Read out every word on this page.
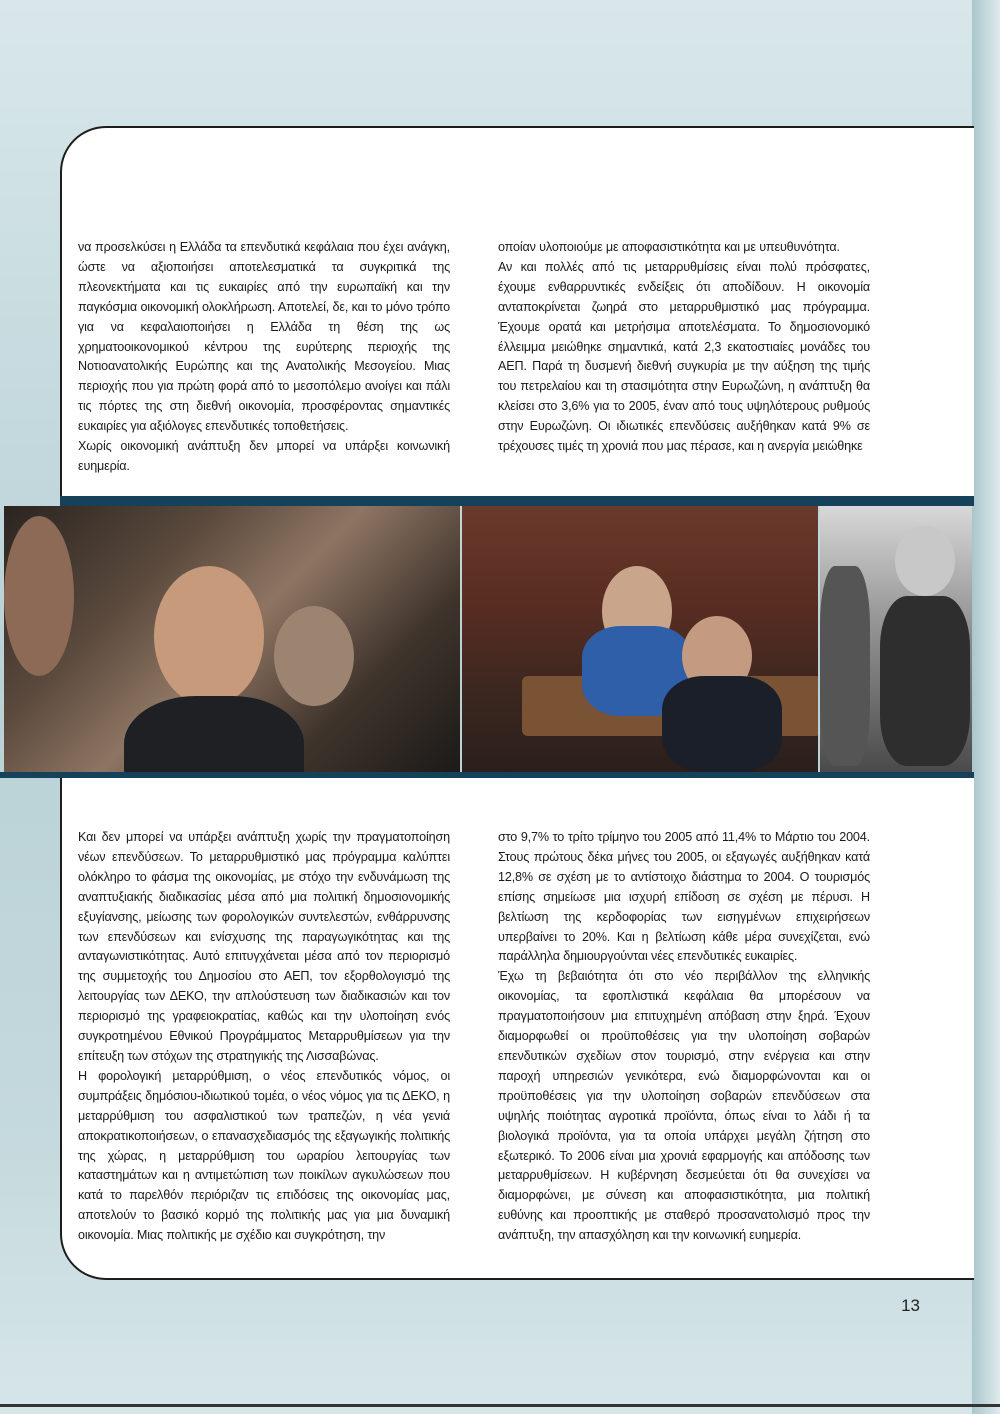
να προσελκύσει η Ελλάδα τα επενδυτικά κεφάλαια που έχει ανάγκη, ώστε να αξιοποιήσει αποτελεσματικά τα συγκριτικά της πλεονεκτήματα και τις ευκαιρίες από την ευρωπαϊκή και την παγκόσμια οικονομική ολοκλήρωση. Αποτελεί, δε, και το μόνο τρόπο για να κεφαλαιοποιήσει η Ελλάδα τη θέση της ως χρηματοοικονομικού κέντρου της ευρύτερης περιοχής της Νοτιοανατολικής Ευρώπης και της Ανατολικής Μεσογείου. Μιας περιοχής που για πρώτη φορά από το μεσοπόλεμο ανοίγει και πάλι τις πόρτες της στη διεθνή οικονομία, προσφέροντας σημαντικές ευκαιρίες για αξιόλογες επενδυτικές τοποθετήσεις.

Χωρίς οικονομική ανάπτυξη δεν μπορεί να υπάρξει κοινωνική ευημερία.

οποίαν υλοποιούμε με αποφασιστικότητα και με υπευθυνότητα.

Αν και πολλές από τις μεταρρυθμίσεις είναι πολύ πρόσφατες, έχουμε ενθαρρυντικές ενδείξεις ότι αποδίδουν. Η οικονομία ανταποκρίνεται ζωηρά στο μεταρρυθμιστικό μας πρόγραμμα. Έχουμε ορατά και μετρήσιμα αποτελέσματα. Το δημοσιονομικό έλλειμμα μειώθηκε σημαντικά, κατά 2,3 εκατοστιαίες μονάδες του ΑΕΠ. Παρά τη δυσμενή διεθνή συγκυρία με την αύξηση της τιμής του πετρελαίου και τη στασιμότητα στην Ευρωζώνη, η ανάπτυξη θα κλείσει στο 3,6% για το 2005, έναν από τους υψηλότερους ρυθμούς στην Ευρωζώνη. Οι ιδιωτικές επενδύσεις αυξήθηκαν κατά 9% σε τρέχουσες τιμές τη χρονιά που μας πέρασε, και η ανεργία μειώθηκε

Και δεν μπορεί να υπάρξει ανάπτυξη χωρίς την πραγματοποίηση νέων επενδύσεων. Το μεταρρυθμιστικό μας πρόγραμμα καλύπτει ολόκληρο το φάσμα της οικονομίας, με στόχο την ενδυνάμωση της αναπτυξιακής διαδικασίας μέσα από μια πολιτική δημοσιονομικής εξυγίανσης, μείωσης των φορολογικών συντελεστών, ενθάρρυνσης των επενδύσεων και ενίσχυσης της παραγωγικότητας και της ανταγωνιστικότητας. Αυτό επιτυγχάνεται μέσα από τον περιορισμό της συμμετοχής του Δημοσίου στο ΑΕΠ, τον εξορθολογισμό της λειτουργίας των ΔΕΚΟ, την απλούστευση των διαδικασιών και τον περιορισμό της γραφειοκρατίας, καθώς και την υλοποίηση ενός συγκροτημένου Εθνικού Προγράμματος Μεταρρυθμίσεων για την επίτευξη των στόχων της στρατηγικής της Λισσαβώνας.

Η φορολογική μεταρρύθμιση, ο νέος επενδυτικός νόμος, οι συμπράξεις δημόσιου-ιδιωτικού τομέα, ο νέος νόμος για τις ΔΕΚΟ, η μεταρρύθμιση του ασφαλιστικού των τραπεζών, η νέα γενιά αποκρατικοποιήσεων, ο επανασχεδιασμός της εξαγωγικής πολιτικής της χώρας, η μεταρρύθμιση του ωραρίου λειτουργίας των καταστημάτων και η αντιμετώπιση των ποικίλων αγκυλώσεων που κατά το παρελθόν περιόριζαν τις επιδόσεις της οικονομίας μας, αποτελούν το βασικό κορμό της πολιτικής μας για μια δυναμική οικονομία. Μιας πολιτικής με σχέδιο και συγκρότηση, την

στο 9,7% το τρίτο τρίμηνο του 2005 από 11,4% το Μάρτιο του 2004. Στους πρώτους δέκα μήνες του 2005, οι εξαγωγές αυξήθηκαν κατά 12,8% σε σχέση με το αντίστοιχο διάστημα το 2004. Ο τουρισμός επίσης σημείωσε μια ισχυρή επίδοση σε σχέση με πέρυσι. Η βελτίωση της κερδοφορίας των εισηγμένων επιχειρήσεων υπερβαίνει το 20%. Και η βελτίωση κάθε μέρα συνεχίζεται, ενώ παράλληλα δημιουργούνται νέες επενδυτικές ευκαιρίες.

Έχω τη βεβαιότητα ότι στο νέο περιβάλλον της ελληνικής οικονομίας, τα εφοπλιστικά κεφάλαια θα μπορέσουν να πραγματοποιήσουν μια επιτυχημένη απόβαση στην ξηρά. Έχουν διαμορφωθεί οι προϋποθέσεις για την υλοποίηση σοβαρών επενδυτικών σχεδίων στον τουρισμό, στην ενέργεια και στην παροχή υπηρεσιών γενικότερα, ενώ διαμορφώνονται και οι προϋποθέσεις για την υλοποίηση σοβαρών επενδύσεων στα υψηλής ποιότητας αγροτικά προϊόντα, όπως είναι το λάδι ή τα βιολογικά προϊόντα, για τα οποία υπάρχει μεγάλη ζήτηση στο εξωτερικό. Το 2006 είναι μια χρονιά εφαρμογής και απόδοσης των μεταρρυθμίσεων. Η κυβέρνηση δεσμεύεται ότι θα συνεχίσει να διαμορφώνει, με σύνεση και αποφασιστικότητα, μια πολιτική ευθύνης και προοπτικής με σταθερό προσανατολισμό προς την ανάπτυξη, την απασχόληση και την κοινωνική ευημερία.

13
